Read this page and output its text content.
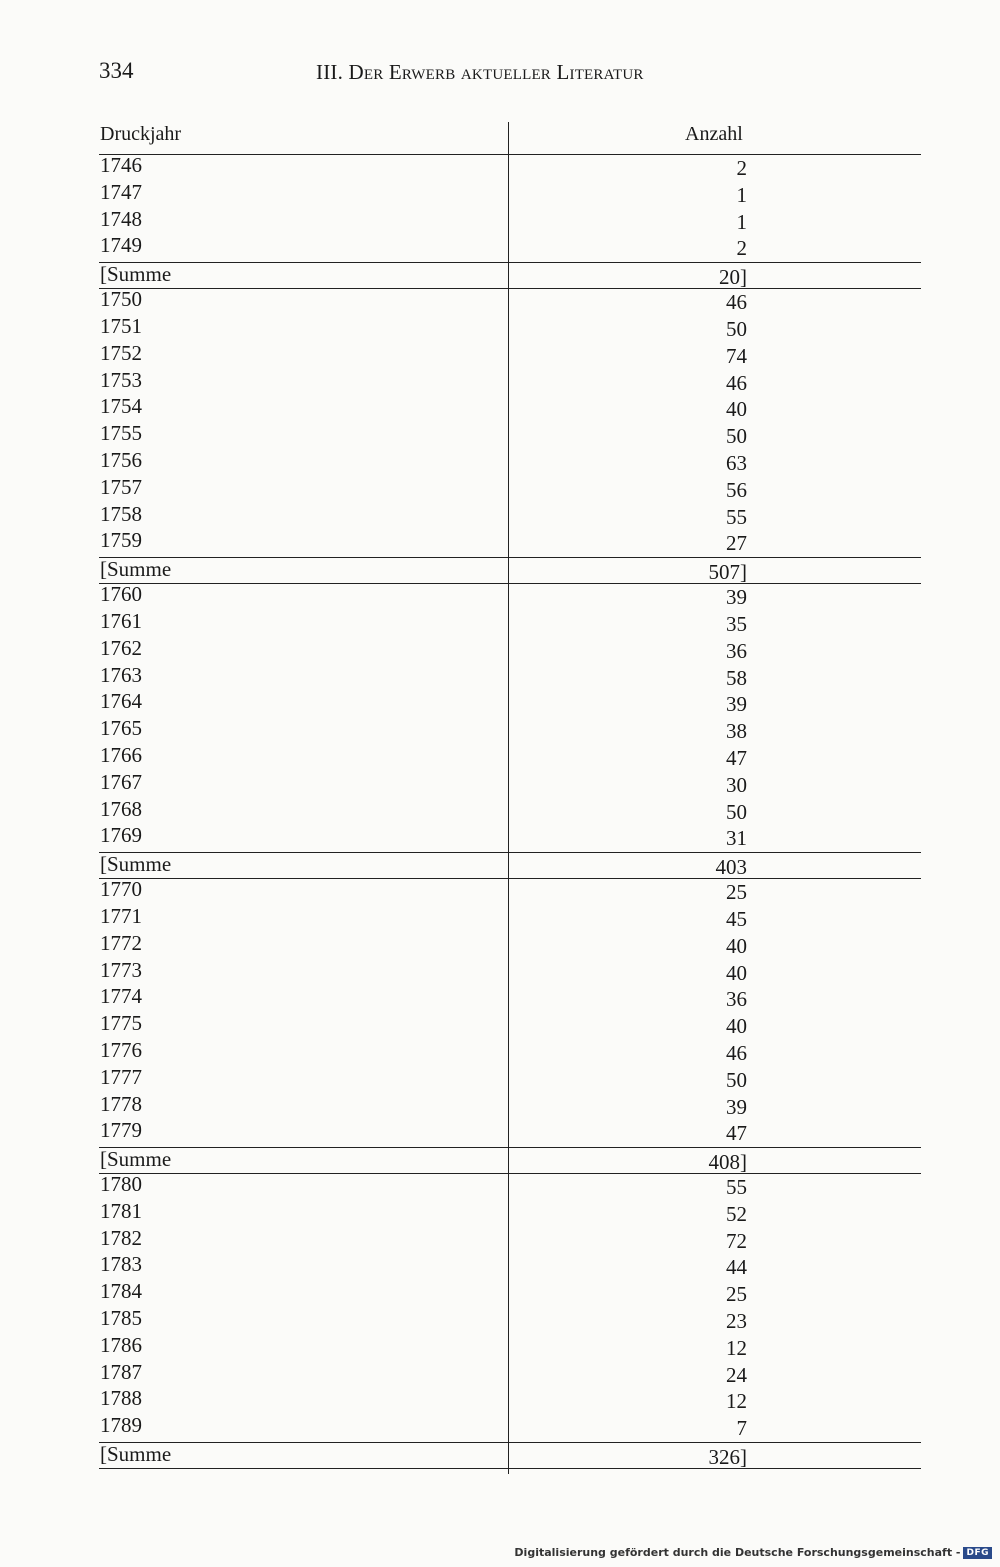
334	III. DER ERWERB AKTUELLER LITERATUR
Druckjahr	Anzahl
1746	2
1747	1
1748	1
1749	2
[Summe	20]
1750	46
1751	50
1752	74
1753	46
1754	40
1755	50
1756	63
1757	56
1758	55
1759	27
[Summe	507]
1760	39
1761	35
1762	36
1763	58
1764	39
1765	38
1766	47
1767	30
1768	50
1769	31
[Summe	403
1770	25
1771	45
1772	40
1773	40
1774	36
1775	40
1776	46
1777	50
1778	39
1779	47
[Summe	408]
1780	55
1781	52
1782	72
1783	44
1784	25
1785	23
1786	12
1787	24
1788	12
1789	7
[Summe	326]
Digitalisierung gefördert durch die Deutsche Forschungsgemeinschaft - DFG
